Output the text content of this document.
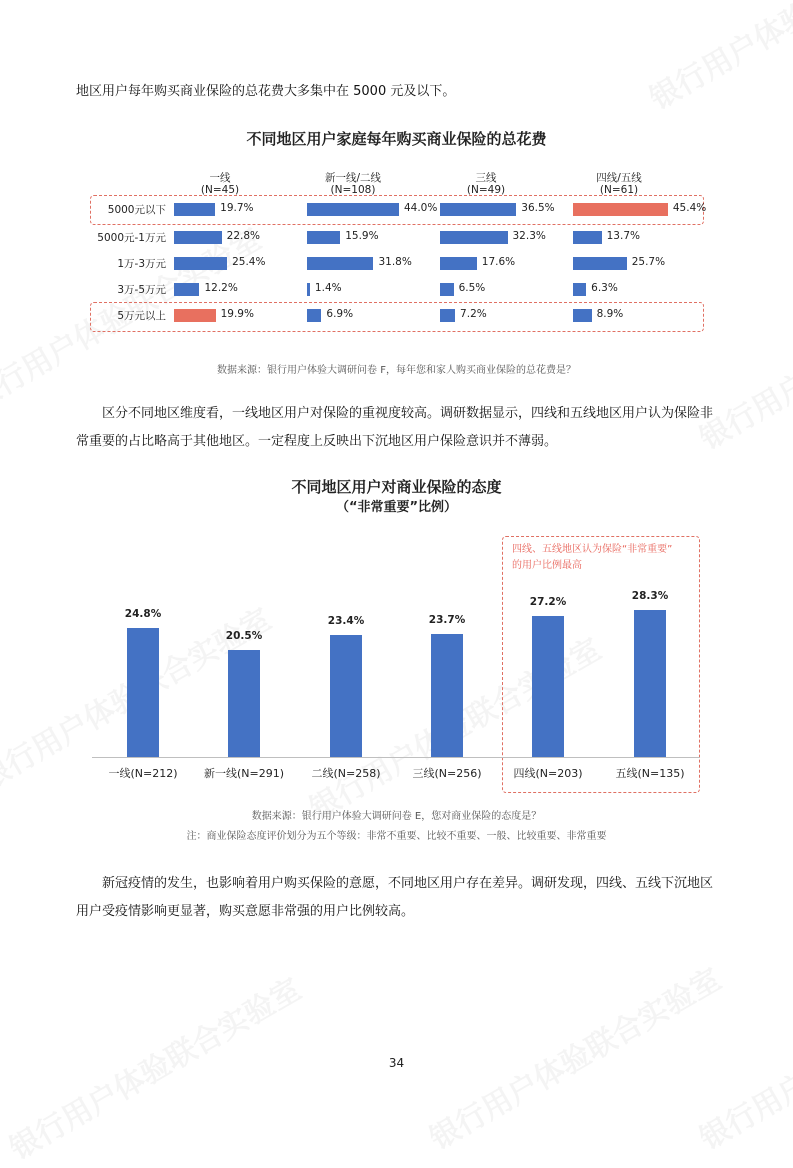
地区用户每年购买商业保险的总花费大多集中在 5000 元及以下。

不同地区用户家庭每年购买商业保险的总花费
一线
(N=45)
新一线/二线
(N=108)
三线
(N=49)
四线/五线
(N=61)
5000元以下
5000元-1万元
1万-3万元
3万-5万元
5万元以上
19.7%
22.8%
25.4%
12.2%
19.9%
44.0%
15.9%
31.8%
1.4%
6.9%
36.5%
32.3%
17.6%
6.5%
7.2%
45.4%
13.7%
25.7%
6.3%
8.9%
数据来源：银行用户体验大调研问卷 F，每年您和家人购买商业保险的总花费是？

区分不同地区维度看，一线地区用户对保险的重视度较高。调研数据显示，四线和五线地区用户认为保险非常重要的占比略高于其他地区。一定程度上反映出下沉地区用户保险意识并不薄弱。

不同地区用户对商业保险的态度
（“非常重要”比例）
四线、五线地区认为保险“非常重要”
的用户比例最高
24.8%
一线(N=212)
20.5%
新一线(N=291)
23.4%
二线(N=258)
23.7%
三线(N=256)
27.2%
四线(N=203)
28.3%
五线(N=135)
数据来源：银行用户体验大调研问卷 E，您对商业保险的态度是？
注：商业保险态度评价划分为五个等级：非常不重要、比较不重要、一般、比较重要、非常重要

新冠疫情的发生，也影响着用户购买保险的意愿，不同地区用户存在差异。调研发现，四线、五线下沉地区用户受疫情影响更显著，购买意愿非常强的用户比例较高。

34
